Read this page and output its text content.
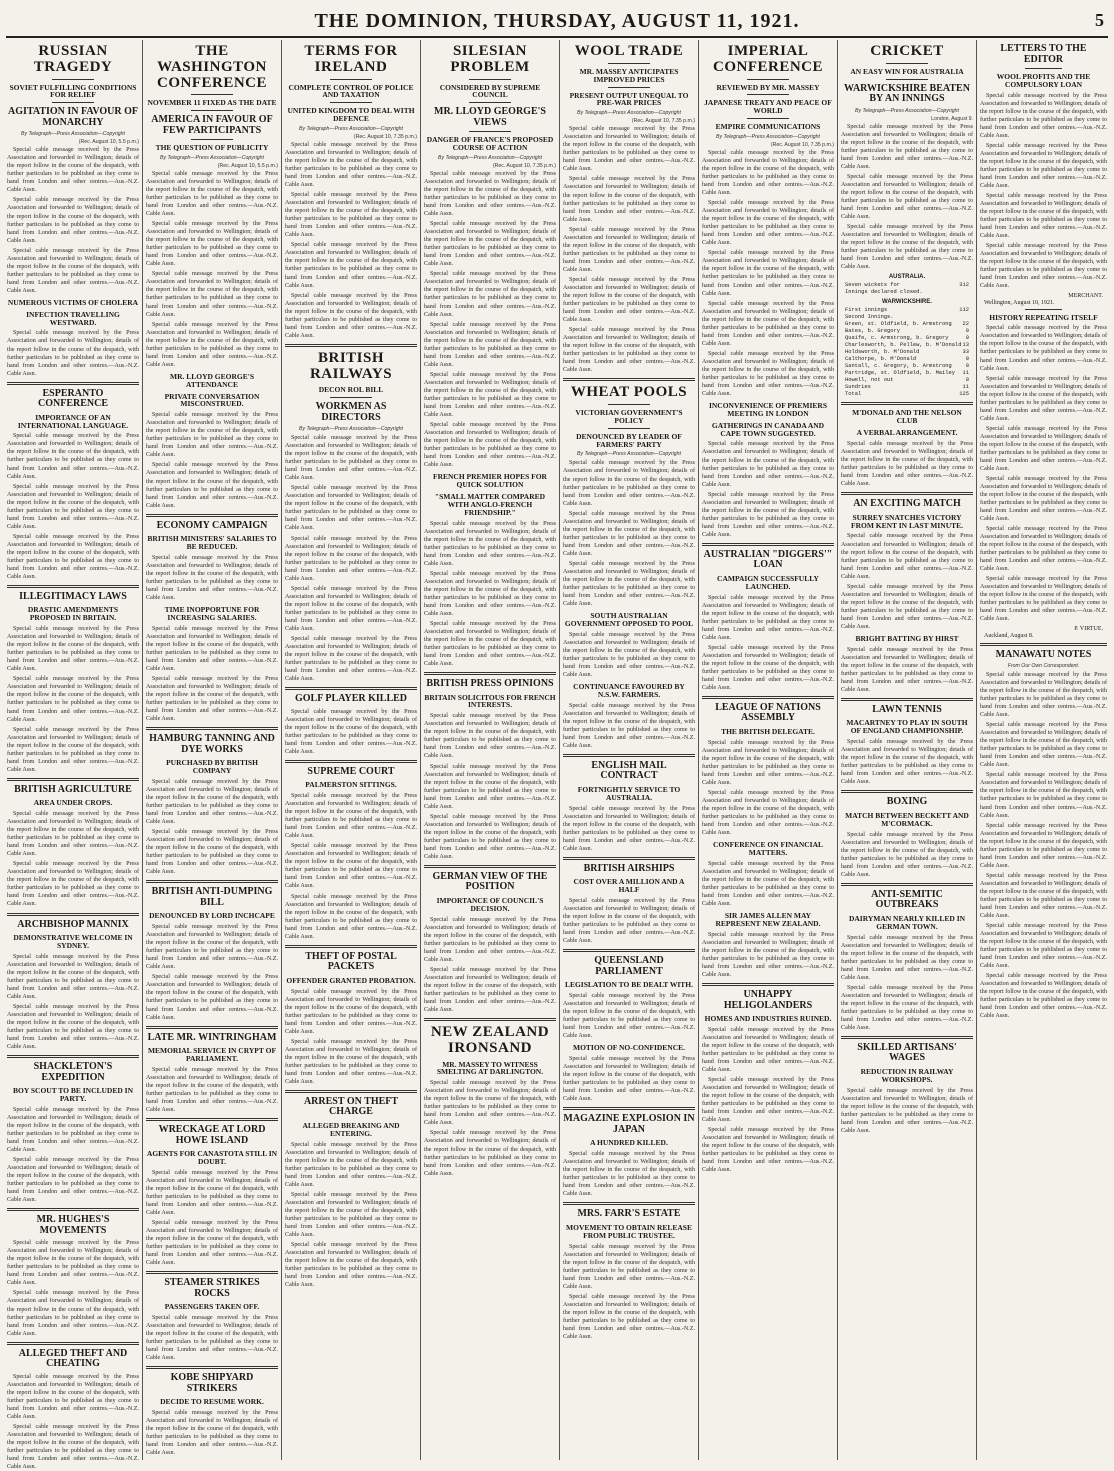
THE DOMINION, THURSDAY, AUGUST 11, 1921.	5
RUSSIAN TRAGEDY
SOVIET FULFILLING CONDITIONS FOR RELIEF
AGITATION IN FAVOUR OF MONARCHY
By Telegraph—Press Association—Copyright
(Rec. August 10, 5.5 p.m.)

Special cable message received by the Press Association and forwarded to Wellington; details of the report follow in the course of the despatch, with further particulars to be published as they come to hand from London and other centres.—Aus.-N.Z. Cable Assn.

Special cable message received by the Press Association and forwarded to Wellington; details of the report follow in the course of the despatch, with further particulars to be published as they come to hand from London and other centres.—Aus.-N.Z. Cable Assn.

Special cable message received by the Press Association and forwarded to Wellington; details of the report follow in the course of the despatch, with further particulars to be published as they come to hand from London and other centres.—Aus.-N.Z. Cable Assn.

NUMEROUS VICTIMS OF CHOLERA
INFECTION TRAVELLING WESTWARD.

Special cable message received by the Press Association and forwarded to Wellington; details of the report follow in the course of the despatch, with further particulars to be published as they come to hand from London and other centres.—Aus.-N.Z. Cable Assn.

ESPERANTO CONFERENCE
IMPORTANCE OF AN INTERNATIONAL LANGUAGE.

Special cable message received by the Press Association and forwarded to Wellington; details of the report follow in the course of the despatch, with further particulars to be published as they come to hand from London and other centres.—Aus.-N.Z. Cable Assn.

Special cable message received by the Press Association and forwarded to Wellington; details of the report follow in the course of the despatch, with further particulars to be published as they come to hand from London and other centres.—Aus.-N.Z. Cable Assn.

Special cable message received by the Press Association and forwarded to Wellington; details of the report follow in the course of the despatch, with further particulars to be published as they come to hand from London and other centres.—Aus.-N.Z. Cable Assn.

ILLEGITIMACY LAWS
DRASTIC AMENDMENTS PROPOSED IN BRITAIN.

Special cable message received by the Press Association and forwarded to Wellington; details of the report follow in the course of the despatch, with further particulars to be published as they come to hand from London and other centres.—Aus.-N.Z. Cable Assn.

Special cable message received by the Press Association and forwarded to Wellington; details of the report follow in the course of the despatch, with further particulars to be published as they come to hand from London and other centres.—Aus.-N.Z. Cable Assn.

Special cable message received by the Press Association and forwarded to Wellington; details of the report follow in the course of the despatch, with further particulars to be published as they come to hand from London and other centres.—Aus.-N.Z. Cable Assn.

BRITISH AGRICULTURE
AREA UNDER CROPS.

Special cable message received by the Press Association and forwarded to Wellington; details of the report follow in the course of the despatch, with further particulars to be published as they come to hand from London and other centres.—Aus.-N.Z. Cable Assn.

Special cable message received by the Press Association and forwarded to Wellington; details of the report follow in the course of the despatch, with further particulars to be published as they come to hand from London and other centres.—Aus.-N.Z. Cable Assn.

ARCHBISHOP MANNIX
DEMONSTRATIVE WELCOME IN SYDNEY.

Special cable message received by the Press Association and forwarded to Wellington; details of the report follow in the course of the despatch, with further particulars to be published as they come to hand from London and other centres.—Aus.-N.Z. Cable Assn.

Special cable message received by the Press Association and forwarded to Wellington; details of the report follow in the course of the despatch, with further particulars to be published as they come to hand from London and other centres.—Aus.-N.Z. Cable Assn.

SHACKLETON'S EXPEDITION
BOY SCOUT TO BE INCLUDED IN PARTY.

Special cable message received by the Press Association and forwarded to Wellington; details of the report follow in the course of the despatch, with further particulars to be published as they come to hand from London and other centres.—Aus.-N.Z. Cable Assn.

Special cable message received by the Press Association and forwarded to Wellington; details of the report follow in the course of the despatch, with further particulars to be published as they come to hand from London and other centres.—Aus.-N.Z. Cable Assn.

MR. HUGHES'S MOVEMENTS

Special cable message received by the Press Association and forwarded to Wellington; details of the report follow in the course of the despatch, with further particulars to be published as they come to hand from London and other centres.—Aus.-N.Z. Cable Assn.

Special cable message received by the Press Association and forwarded to Wellington; details of the report follow in the course of the despatch, with further particulars to be published as they come to hand from London and other centres.—Aus.-N.Z. Cable Assn.

ALLEGED THEFT AND CHEATING

Special cable message received by the Press Association and forwarded to Wellington; details of the report follow in the course of the despatch, with further particulars to be published as they come to hand from London and other centres.—Aus.-N.Z. Cable Assn.

Special cable message received by the Press Association and forwarded to Wellington; details of the report follow in the course of the despatch, with further particulars to be published as they come to hand from London and other centres.—Aus.-N.Z. Cable Assn.

THE WASHINGTON CONFERENCE
NOVEMBER 11 FIXED AS THE DATE
AMERICA IN FAVOUR OF FEW PARTICIPANTS
THE QUESTION OF PUBLICITY
By Telegraph—Press Association—Copyright
(Rec. August 10, 5.5 p.m.)

Special cable message received by the Press Association and forwarded to Wellington; details of the report follow in the course of the despatch, with further particulars to be published as they come to hand from London and other centres.—Aus.-N.Z. Cable Assn.

Special cable message received by the Press Association and forwarded to Wellington; details of the report follow in the course of the despatch, with further particulars to be published as they come to hand from London and other centres.—Aus.-N.Z. Cable Assn.

Special cable message received by the Press Association and forwarded to Wellington; details of the report follow in the course of the despatch, with further particulars to be published as they come to hand from London and other centres.—Aus.-N.Z. Cable Assn.

Special cable message received by the Press Association and forwarded to Wellington; details of the report follow in the course of the despatch, with further particulars to be published as they come to hand from London and other centres.—Aus.-N.Z. Cable Assn.

MR. LLOYD GEORGE'S ATTENDANCE
PRIVATE CONVERSATION MISCONSTRUED.

Special cable message received by the Press Association and forwarded to Wellington; details of the report follow in the course of the despatch, with further particulars to be published as they come to hand from London and other centres.—Aus.-N.Z. Cable Assn.

Special cable message received by the Press Association and forwarded to Wellington; details of the report follow in the course of the despatch, with further particulars to be published as they come to hand from London and other centres.—Aus.-N.Z. Cable Assn.

ECONOMY CAMPAIGN
BRITISH MINISTERS' SALARIES TO BE REDUCED.

Special cable message received by the Press Association and forwarded to Wellington; details of the report follow in the course of the despatch, with further particulars to be published as they come to hand from London and other centres.—Aus.-N.Z. Cable Assn.

TIME INOPPORTUNE FOR INCREASING SALARIES.

Special cable message received by the Press Association and forwarded to Wellington; details of the report follow in the course of the despatch, with further particulars to be published as they come to hand from London and other centres.—Aus.-N.Z. Cable Assn.

Special cable message received by the Press Association and forwarded to Wellington; details of the report follow in the course of the despatch, with further particulars to be published as they come to hand from London and other centres.—Aus.-N.Z. Cable Assn.

HAMBURG TANNING AND DYE WORKS
PURCHASED BY BRITISH COMPANY

Special cable message received by the Press Association and forwarded to Wellington; details of the report follow in the course of the despatch, with further particulars to be published as they come to hand from London and other centres.—Aus.-N.Z. Cable Assn.

Special cable message received by the Press Association and forwarded to Wellington; details of the report follow in the course of the despatch, with further particulars to be published as they come to hand from London and other centres.—Aus.-N.Z. Cable Assn.

BRITISH ANTI-DUMPING BILL
DENOUNCED BY LORD INCHCAPE

Special cable message received by the Press Association and forwarded to Wellington; details of the report follow in the course of the despatch, with further particulars to be published as they come to hand from London and other centres.—Aus.-N.Z. Cable Assn.

Special cable message received by the Press Association and forwarded to Wellington; details of the report follow in the course of the despatch, with further particulars to be published as they come to hand from London and other centres.—Aus.-N.Z. Cable Assn.

LATE MR. WINTRINGHAM
MEMORIAL SERVICE IN CRYPT OF PARLIAMENT.

Special cable message received by the Press Association and forwarded to Wellington; details of the report follow in the course of the despatch, with further particulars to be published as they come to hand from London and other centres.—Aus.-N.Z. Cable Assn.

WRECKAGE AT LORD HOWE ISLAND
AGENTS FOR CANASTOTA STILL IN DOUBT.

Special cable message received by the Press Association and forwarded to Wellington; details of the report follow in the course of the despatch, with further particulars to be published as they come to hand from London and other centres.—Aus.-N.Z. Cable Assn.

Special cable message received by the Press Association and forwarded to Wellington; details of the report follow in the course of the despatch, with further particulars to be published as they come to hand from London and other centres.—Aus.-N.Z. Cable Assn.

STEAMER STRIKES ROCKS
PASSENGERS TAKEN OFF.

Special cable message received by the Press Association and forwarded to Wellington; details of the report follow in the course of the despatch, with further particulars to be published as they come to hand from London and other centres.—Aus.-N.Z. Cable Assn.

KOBE SHIPYARD STRIKERS
DECIDE TO RESUME WORK.

Special cable message received by the Press Association and forwarded to Wellington; details of the report follow in the course of the despatch, with further particulars to be published as they come to hand from London and other centres.—Aus.-N.Z. Cable Assn.

TERMS FOR IRELAND
COMPLETE CONTROL OF POLICE AND TAXATION
UNITED KINGDOM TO DEAL WITH DEFENCE
By Telegraph—Press Association—Copyright
(Rec. August 10, 7.35 p.m.)

Special cable message received by the Press Association and forwarded to Wellington; details of the report follow in the course of the despatch, with further particulars to be published as they come to hand from London and other centres.—Aus.-N.Z. Cable Assn.

Special cable message received by the Press Association and forwarded to Wellington; details of the report follow in the course of the despatch, with further particulars to be published as they come to hand from London and other centres.—Aus.-N.Z. Cable Assn.

Special cable message received by the Press Association and forwarded to Wellington; details of the report follow in the course of the despatch, with further particulars to be published as they come to hand from London and other centres.—Aus.-N.Z. Cable Assn.

Special cable message received by the Press Association and forwarded to Wellington; details of the report follow in the course of the despatch, with further particulars to be published as they come to hand from London and other centres.—Aus.-N.Z. Cable Assn.

BRITISH RAILWAYS
DECON ROL BILL
WORKMEN AS DIRECTORS
By Telegraph—Press Association—Copyright

Special cable message received by the Press Association and forwarded to Wellington; details of the report follow in the course of the despatch, with further particulars to be published as they come to hand from London and other centres.—Aus.-N.Z. Cable Assn.

Special cable message received by the Press Association and forwarded to Wellington; details of the report follow in the course of the despatch, with further particulars to be published as they come to hand from London and other centres.—Aus.-N.Z. Cable Assn.

Special cable message received by the Press Association and forwarded to Wellington; details of the report follow in the course of the despatch, with further particulars to be published as they come to hand from London and other centres.—Aus.-N.Z. Cable Assn.

Special cable message received by the Press Association and forwarded to Wellington; details of the report follow in the course of the despatch, with further particulars to be published as they come to hand from London and other centres.—Aus.-N.Z. Cable Assn.

Special cable message received by the Press Association and forwarded to Wellington; details of the report follow in the course of the despatch, with further particulars to be published as they come to hand from London and other centres.—Aus.-N.Z. Cable Assn.

GOLF PLAYER KILLED

Special cable message received by the Press Association and forwarded to Wellington; details of the report follow in the course of the despatch, with further particulars to be published as they come to hand from London and other centres.—Aus.-N.Z. Cable Assn.

SUPREME COURT
PALMERSTON SITTINGS.

Special cable message received by the Press Association and forwarded to Wellington; details of the report follow in the course of the despatch, with further particulars to be published as they come to hand from London and other centres.—Aus.-N.Z. Cable Assn.

Special cable message received by the Press Association and forwarded to Wellington; details of the report follow in the course of the despatch, with further particulars to be published as they come to hand from London and other centres.—Aus.-N.Z. Cable Assn.

Special cable message received by the Press Association and forwarded to Wellington; details of the report follow in the course of the despatch, with further particulars to be published as they come to hand from London and other centres.—Aus.-N.Z. Cable Assn.

THEFT OF POSTAL PACKETS
OFFENDER GRANTED PROBATION.

Special cable message received by the Press Association and forwarded to Wellington; details of the report follow in the course of the despatch, with further particulars to be published as they come to hand from London and other centres.—Aus.-N.Z. Cable Assn.

Special cable message received by the Press Association and forwarded to Wellington; details of the report follow in the course of the despatch, with further particulars to be published as they come to hand from London and other centres.—Aus.-N.Z. Cable Assn.

ARREST ON THEFT CHARGE
ALLEGED BREAKING AND ENTERING.

Special cable message received by the Press Association and forwarded to Wellington; details of the report follow in the course of the despatch, with further particulars to be published as they come to hand from London and other centres.—Aus.-N.Z. Cable Assn.

Special cable message received by the Press Association and forwarded to Wellington; details of the report follow in the course of the despatch, with further particulars to be published as they come to hand from London and other centres.—Aus.-N.Z. Cable Assn.

Special cable message received by the Press Association and forwarded to Wellington; details of the report follow in the course of the despatch, with further particulars to be published as they come to hand from London and other centres.—Aus.-N.Z. Cable Assn.

SILESIAN PROBLEM
CONSIDERED BY SUPREME COUNCIL
MR. LLOYD GEORGE'S VIEWS
DANGER OF FRANCE'S PROPOSED COURSE OF ACTION
By Telegraph—Press Association—Copyright
(Rec. August 10, 7.35 p.m.)

Special cable message received by the Press Association and forwarded to Wellington; details of the report follow in the course of the despatch, with further particulars to be published as they come to hand from London and other centres.—Aus.-N.Z. Cable Assn.

Special cable message received by the Press Association and forwarded to Wellington; details of the report follow in the course of the despatch, with further particulars to be published as they come to hand from London and other centres.—Aus.-N.Z. Cable Assn.

Special cable message received by the Press Association and forwarded to Wellington; details of the report follow in the course of the despatch, with further particulars to be published as they come to hand from London and other centres.—Aus.-N.Z. Cable Assn.

Special cable message received by the Press Association and forwarded to Wellington; details of the report follow in the course of the despatch, with further particulars to be published as they come to hand from London and other centres.—Aus.-N.Z. Cable Assn.

Special cable message received by the Press Association and forwarded to Wellington; details of the report follow in the course of the despatch, with further particulars to be published as they come to hand from London and other centres.—Aus.-N.Z. Cable Assn.

Special cable message received by the Press Association and forwarded to Wellington; details of the report follow in the course of the despatch, with further particulars to be published as they come to hand from London and other centres.—Aus.-N.Z. Cable Assn.

FRENCH PREMIER HOPES FOR QUICK SOLUTION
"SMALL MATTER COMPARED WITH ANGLO-FRENCH FRIENDSHIP."

Special cable message received by the Press Association and forwarded to Wellington; details of the report follow in the course of the despatch, with further particulars to be published as they come to hand from London and other centres.—Aus.-N.Z. Cable Assn.

Special cable message received by the Press Association and forwarded to Wellington; details of the report follow in the course of the despatch, with further particulars to be published as they come to hand from London and other centres.—Aus.-N.Z. Cable Assn.

Special cable message received by the Press Association and forwarded to Wellington; details of the report follow in the course of the despatch, with further particulars to be published as they come to hand from London and other centres.—Aus.-N.Z. Cable Assn.

BRITISH PRESS OPINIONS
BRITAIN SOLICITOUS FOR FRENCH INTERESTS.

Special cable message received by the Press Association and forwarded to Wellington; details of the report follow in the course of the despatch, with further particulars to be published as they come to hand from London and other centres.—Aus.-N.Z. Cable Assn.

Special cable message received by the Press Association and forwarded to Wellington; details of the report follow in the course of the despatch, with further particulars to be published as they come to hand from London and other centres.—Aus.-N.Z. Cable Assn.

Special cable message received by the Press Association and forwarded to Wellington; details of the report follow in the course of the despatch, with further particulars to be published as they come to hand from London and other centres.—Aus.-N.Z. Cable Assn.

GERMAN VIEW OF THE POSITION
IMPORTANCE OF COUNCIL'S DECISION.

Special cable message received by the Press Association and forwarded to Wellington; details of the report follow in the course of the despatch, with further particulars to be published as they come to hand from London and other centres.—Aus.-N.Z. Cable Assn.

Special cable message received by the Press Association and forwarded to Wellington; details of the report follow in the course of the despatch, with further particulars to be published as they come to hand from London and other centres.—Aus.-N.Z. Cable Assn.

NEW ZEALAND IRONSAND
MR. MASSEY TO WITNESS SMELTING AT DARLINGTON.

Special cable message received by the Press Association and forwarded to Wellington; details of the report follow in the course of the despatch, with further particulars to be published as they come to hand from London and other centres.—Aus.-N.Z. Cable Assn.

Special cable message received by the Press Association and forwarded to Wellington; details of the report follow in the course of the despatch, with further particulars to be published as they come to hand from London and other centres.—Aus.-N.Z. Cable Assn.

WOOL TRADE
MR. MASSEY ANTICIPATES IMPROVED PRICES
PRESENT OUTPUT UNEQUAL TO PRE-WAR PRICES
By Telegraph—Press Association—Copyright
(Rec. August 10, 7.35 p.m.)

Special cable message received by the Press Association and forwarded to Wellington; details of the report follow in the course of the despatch, with further particulars to be published as they come to hand from London and other centres.—Aus.-N.Z. Cable Assn.

Special cable message received by the Press Association and forwarded to Wellington; details of the report follow in the course of the despatch, with further particulars to be published as they come to hand from London and other centres.—Aus.-N.Z. Cable Assn.

Special cable message received by the Press Association and forwarded to Wellington; details of the report follow in the course of the despatch, with further particulars to be published as they come to hand from London and other centres.—Aus.-N.Z. Cable Assn.

Special cable message received by the Press Association and forwarded to Wellington; details of the report follow in the course of the despatch, with further particulars to be published as they come to hand from London and other centres.—Aus.-N.Z. Cable Assn.

Special cable message received by the Press Association and forwarded to Wellington; details of the report follow in the course of the despatch, with further particulars to be published as they come to hand from London and other centres.—Aus.-N.Z. Cable Assn.

WHEAT POOLS
VICTORIAN GOVERNMENT'S POLICY
DENOUNCED BY LEADER OF FARMERS' PARTY
By Telegraph—Press Association—Copyright

Special cable message received by the Press Association and forwarded to Wellington; details of the report follow in the course of the despatch, with further particulars to be published as they come to hand from London and other centres.—Aus.-N.Z. Cable Assn.

Special cable message received by the Press Association and forwarded to Wellington; details of the report follow in the course of the despatch, with further particulars to be published as they come to hand from London and other centres.—Aus.-N.Z. Cable Assn.

Special cable message received by the Press Association and forwarded to Wellington; details of the report follow in the course of the despatch, with further particulars to be published as they come to hand from London and other centres.—Aus.-N.Z. Cable Assn.

SOUTH AUSTRALIAN GOVERNMENT OPPOSED TO POOL

Special cable message received by the Press Association and forwarded to Wellington; details of the report follow in the course of the despatch, with further particulars to be published as they come to hand from London and other centres.—Aus.-N.Z. Cable Assn.

CONTINUANCE FAVOURED BY N.S.W. FARMERS.

Special cable message received by the Press Association and forwarded to Wellington; details of the report follow in the course of the despatch, with further particulars to be published as they come to hand from London and other centres.—Aus.-N.Z. Cable Assn.

ENGLISH MAIL CONTRACT
FORTNIGHTLY SERVICE TO AUSTRALIA.

Special cable message received by the Press Association and forwarded to Wellington; details of the report follow in the course of the despatch, with further particulars to be published as they come to hand from London and other centres.—Aus.-N.Z. Cable Assn.

BRITISH AIRSHIPS
COST OVER A MILLION AND A HALF

Special cable message received by the Press Association and forwarded to Wellington; details of the report follow in the course of the despatch, with further particulars to be published as they come to hand from London and other centres.—Aus.-N.Z. Cable Assn.

QUEENSLAND PARLIAMENT
LEGISLATION TO BE DEALT WITH.

Special cable message received by the Press Association and forwarded to Wellington; details of the report follow in the course of the despatch, with further particulars to be published as they come to hand from London and other centres.—Aus.-N.Z. Cable Assn.

MOTION OF NO-CONFIDENCE.

Special cable message received by the Press Association and forwarded to Wellington; details of the report follow in the course of the despatch, with further particulars to be published as they come to hand from London and other centres.—Aus.-N.Z. Cable Assn.

MAGAZINE EXPLOSION IN JAPAN
A HUNDRED KILLED.

Special cable message received by the Press Association and forwarded to Wellington; details of the report follow in the course of the despatch, with further particulars to be published as they come to hand from London and other centres.—Aus.-N.Z. Cable Assn.

MRS. FARR'S ESTATE
MOVEMENT TO OBTAIN RELEASE FROM PUBLIC TRUSTEE.

Special cable message received by the Press Association and forwarded to Wellington; details of the report follow in the course of the despatch, with further particulars to be published as they come to hand from London and other centres.—Aus.-N.Z. Cable Assn.

Special cable message received by the Press Association and forwarded to Wellington; details of the report follow in the course of the despatch, with further particulars to be published as they come to hand from London and other centres.—Aus.-N.Z. Cable Assn.

IMPERIAL CONFERENCE
REVIEWED BY MR. MASSEY
JAPANESE TREATY AND PEACE OF WORLD
EMPIRE COMMUNICATIONS
By Telegraph—Press Association—Copyright
(Rec. August 10, 7.35 p.m.)

Special cable message received by the Press Association and forwarded to Wellington; details of the report follow in the course of the despatch, with further particulars to be published as they come to hand from London and other centres.—Aus.-N.Z. Cable Assn.

Special cable message received by the Press Association and forwarded to Wellington; details of the report follow in the course of the despatch, with further particulars to be published as they come to hand from London and other centres.—Aus.-N.Z. Cable Assn.

Special cable message received by the Press Association and forwarded to Wellington; details of the report follow in the course of the despatch, with further particulars to be published as they come to hand from London and other centres.—Aus.-N.Z. Cable Assn.

Special cable message received by the Press Association and forwarded to Wellington; details of the report follow in the course of the despatch, with further particulars to be published as they come to hand from London and other centres.—Aus.-N.Z. Cable Assn.

Special cable message received by the Press Association and forwarded to Wellington; details of the report follow in the course of the despatch, with further particulars to be published as they come to hand from London and other centres.—Aus.-N.Z. Cable Assn.

INCONVENIENCE OF PREMIERS MEETING IN LONDON
GATHERINGS IN CANADA AND CAPE TOWN SUGGESTED.

Special cable message received by the Press Association and forwarded to Wellington; details of the report follow in the course of the despatch, with further particulars to be published as they come to hand from London and other centres.—Aus.-N.Z. Cable Assn.

Special cable message received by the Press Association and forwarded to Wellington; details of the report follow in the course of the despatch, with further particulars to be published as they come to hand from London and other centres.—Aus.-N.Z. Cable Assn.

AUSTRALIAN "DIGGERS'" LOAN
CAMPAIGN SUCCESSFULLY LAUNCHED.

Special cable message received by the Press Association and forwarded to Wellington; details of the report follow in the course of the despatch, with further particulars to be published as they come to hand from London and other centres.—Aus.-N.Z. Cable Assn.

Special cable message received by the Press Association and forwarded to Wellington; details of the report follow in the course of the despatch, with further particulars to be published as they come to hand from London and other centres.—Aus.-N.Z. Cable Assn.

LEAGUE OF NATIONS ASSEMBLY
THE BRITISH DELEGATE.

Special cable message received by the Press Association and forwarded to Wellington; details of the report follow in the course of the despatch, with further particulars to be published as they come to hand from London and other centres.—Aus.-N.Z. Cable Assn.

Special cable message received by the Press Association and forwarded to Wellington; details of the report follow in the course of the despatch, with further particulars to be published as they come to hand from London and other centres.—Aus.-N.Z. Cable Assn.

CONFERENCE ON FINANCIAL MATTERS.

Special cable message received by the Press Association and forwarded to Wellington; details of the report follow in the course of the despatch, with further particulars to be published as they come to hand from London and other centres.—Aus.-N.Z. Cable Assn.

SIR JAMES ALLEN MAY REPRESENT NEW ZEALAND.

Special cable message received by the Press Association and forwarded to Wellington; details of the report follow in the course of the despatch, with further particulars to be published as they come to hand from London and other centres.—Aus.-N.Z. Cable Assn.

UNHAPPY HELIGOLANDERS
HOMES AND INDUSTRIES RUINED.

Special cable message received by the Press Association and forwarded to Wellington; details of the report follow in the course of the despatch, with further particulars to be published as they come to hand from London and other centres.—Aus.-N.Z. Cable Assn.

Special cable message received by the Press Association and forwarded to Wellington; details of the report follow in the course of the despatch, with further particulars to be published as they come to hand from London and other centres.—Aus.-N.Z. Cable Assn.

Special cable message received by the Press Association and forwarded to Wellington; details of the report follow in the course of the despatch, with further particulars to be published as they come to hand from London and other centres.—Aus.-N.Z. Cable Assn.

CRICKET
AN EASY WIN FOR AUSTRALIA
WARWICKSHIRE BEATEN BY AN INNINGS
By Telegraph—Press Association—Copyright
London, August 9.

Special cable message received by the Press Association and forwarded to Wellington; details of the report follow in the course of the despatch, with further particulars to be published as they come to hand from London and other centres.—Aus.-N.Z. Cable Assn.

Special cable message received by the Press Association and forwarded to Wellington; details of the report follow in the course of the despatch, with further particulars to be published as they come to hand from London and other centres.—Aus.-N.Z. Cable Assn.

Special cable message received by the Press Association and forwarded to Wellington; details of the report follow in the course of the despatch, with further particulars to be published as they come to hand from London and other centres.—Aus.-N.Z. Cable Assn.

AUSTRALIA.
Seven wickets for	312
Innings declared closed.
WARWICKSHIRE.
First innings	112
Second Innings.
Green, st. Oldfield, b. Armstrong 22
Bates, b. Gregory	0
Quaife, c. Armstrong, b. Gregory	0
Charlesworth, b. Pellew, b. M'Donald 13
Holdsworth, b. M'Donald	33
Calthorpe, b. M'Donald	0
Santall, c. Gregory, b. Armstrong	0
Partridge, st. Oldfield, b. Mailey 11
Howell, not out	0
Sundries	11
Total	125
M'DONALD AND THE NELSON CLUB
A VERBAL ARRANGEMENT.

Special cable message received by the Press Association and forwarded to Wellington; details of the report follow in the course of the despatch, with further particulars to be published as they come to hand from London and other centres.—Aus.-N.Z. Cable Assn.

AN EXCITING MATCH
SURREY SNATCHES VICTORY FROM KENT IN LAST MINUTE.

Special cable message received by the Press Association and forwarded to Wellington; details of the report follow in the course of the despatch, with further particulars to be published as they come to hand from London and other centres.—Aus.-N.Z. Cable Assn.

Special cable message received by the Press Association and forwarded to Wellington; details of the report follow in the course of the despatch, with further particulars to be published as they come to hand from London and other centres.—Aus.-N.Z. Cable Assn.

BRIGHT BATTING BY HIRST

Special cable message received by the Press Association and forwarded to Wellington; details of the report follow in the course of the despatch, with further particulars to be published as they come to hand from London and other centres.—Aus.-N.Z. Cable Assn.

LAWN TENNIS
MACARTNEY TO PLAY IN SOUTH OF ENGLAND CHAMPIONSHIP.

Special cable message received by the Press Association and forwarded to Wellington; details of the report follow in the course of the despatch, with further particulars to be published as they come to hand from London and other centres.—Aus.-N.Z. Cable Assn.

BOXING
MATCH BETWEEN BECKETT AND M'CORMACK.

Special cable message received by the Press Association and forwarded to Wellington; details of the report follow in the course of the despatch, with further particulars to be published as they come to hand from London and other centres.—Aus.-N.Z. Cable Assn.

ANTI-SEMITIC OUTBREAKS
DAIRYMAN NEARLY KILLED IN GERMAN TOWN.

Special cable message received by the Press Association and forwarded to Wellington; details of the report follow in the course of the despatch, with further particulars to be published as they come to hand from London and other centres.—Aus.-N.Z. Cable Assn.

Special cable message received by the Press Association and forwarded to Wellington; details of the report follow in the course of the despatch, with further particulars to be published as they come to hand from London and other centres.—Aus.-N.Z. Cable Assn.

SKILLED ARTISANS' WAGES
REDUCTION IN RAILWAY WORKSHOPS.

Special cable message received by the Press Association and forwarded to Wellington; details of the report follow in the course of the despatch, with further particulars to be published as they come to hand from London and other centres.—Aus.-N.Z. Cable Assn.

LETTERS TO THE EDITOR
WOOL PROFITS AND THE COMPULSORY LOAN

Special cable message received by the Press Association and forwarded to Wellington; details of the report follow in the course of the despatch, with further particulars to be published as they come to hand from London and other centres.—Aus.-N.Z. Cable Assn.

Special cable message received by the Press Association and forwarded to Wellington; details of the report follow in the course of the despatch, with further particulars to be published as they come to hand from London and other centres.—Aus.-N.Z. Cable Assn.

Special cable message received by the Press Association and forwarded to Wellington; details of the report follow in the course of the despatch, with further particulars to be published as they come to hand from London and other centres.—Aus.-N.Z. Cable Assn.

Special cable message received by the Press Association and forwarded to Wellington; details of the report follow in the course of the despatch, with further particulars to be published as they come to hand from London and other centres.—Aus.-N.Z. Cable Assn.

MERCHANT.
Wellington, August 10, 1921.
HISTORY REPEATING ITSELF

Special cable message received by the Press Association and forwarded to Wellington; details of the report follow in the course of the despatch, with further particulars to be published as they come to hand from London and other centres.—Aus.-N.Z. Cable Assn.

Special cable message received by the Press Association and forwarded to Wellington; details of the report follow in the course of the despatch, with further particulars to be published as they come to hand from London and other centres.—Aus.-N.Z. Cable Assn.

Special cable message received by the Press Association and forwarded to Wellington; details of the report follow in the course of the despatch, with further particulars to be published as they come to hand from London and other centres.—Aus.-N.Z. Cable Assn.

Special cable message received by the Press Association and forwarded to Wellington; details of the report follow in the course of the despatch, with further particulars to be published as they come to hand from London and other centres.—Aus.-N.Z. Cable Assn.

Special cable message received by the Press Association and forwarded to Wellington; details of the report follow in the course of the despatch, with further particulars to be published as they come to hand from London and other centres.—Aus.-N.Z. Cable Assn.

Special cable message received by the Press Association and forwarded to Wellington; details of the report follow in the course of the despatch, with further particulars to be published as they come to hand from London and other centres.—Aus.-N.Z. Cable Assn.

P. VIRTUE.
Auckland, August 8.
MANAWATU NOTES
From Our Own Correspondent.

Special cable message received by the Press Association and forwarded to Wellington; details of the report follow in the course of the despatch, with further particulars to be published as they come to hand from London and other centres.—Aus.-N.Z. Cable Assn.

Special cable message received by the Press Association and forwarded to Wellington; details of the report follow in the course of the despatch, with further particulars to be published as they come to hand from London and other centres.—Aus.-N.Z. Cable Assn.

Special cable message received by the Press Association and forwarded to Wellington; details of the report follow in the course of the despatch, with further particulars to be published as they come to hand from London and other centres.—Aus.-N.Z. Cable Assn.

Special cable message received by the Press Association and forwarded to Wellington; details of the report follow in the course of the despatch, with further particulars to be published as they come to hand from London and other centres.—Aus.-N.Z. Cable Assn.

Special cable message received by the Press Association and forwarded to Wellington; details of the report follow in the course of the despatch, with further particulars to be published as they come to hand from London and other centres.—Aus.-N.Z. Cable Assn.

Special cable message received by the Press Association and forwarded to Wellington; details of the report follow in the course of the despatch, with further particulars to be published as they come to hand from London and other centres.—Aus.-N.Z. Cable Assn.

Special cable message received by the Press Association and forwarded to Wellington; details of the report follow in the course of the despatch, with further particulars to be published as they come to hand from London and other centres.—Aus.-N.Z. Cable Assn.
